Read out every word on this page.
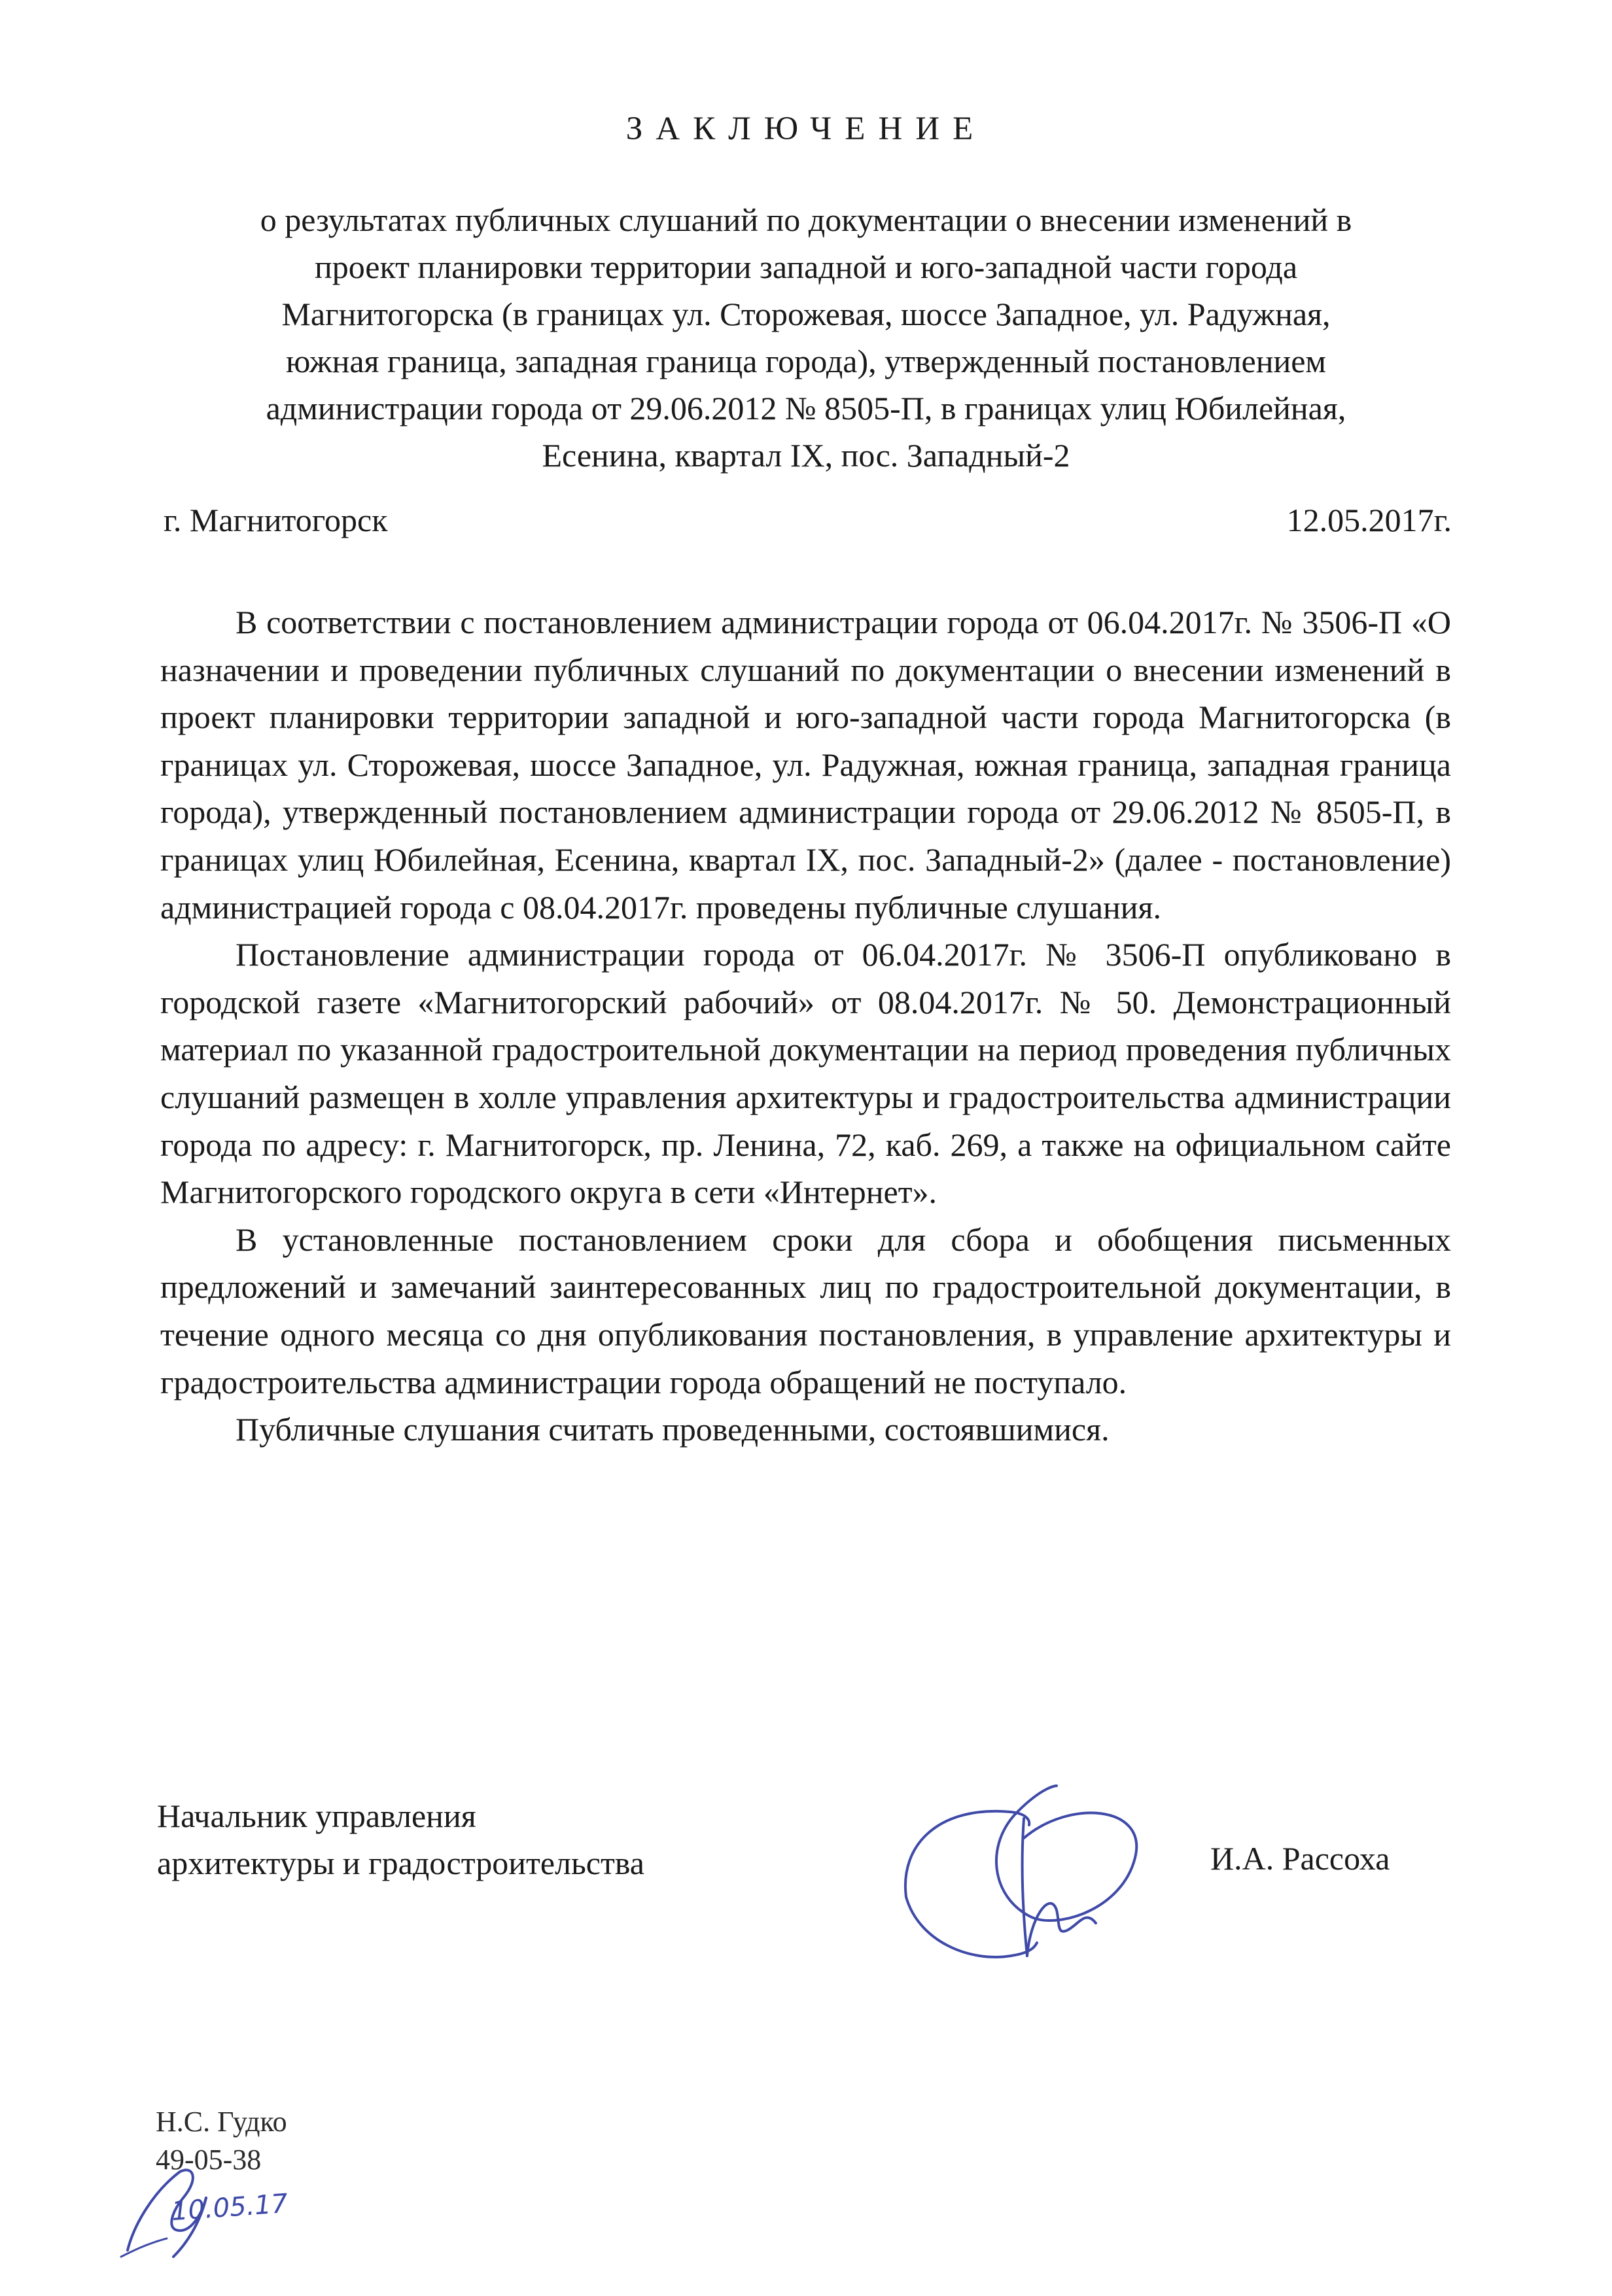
ЗАКЛЮЧЕНИЕ
о результатах публичных слушаний по документации о внесении изменений в
проект планировки территории западной и юго-западной части города
Магнитогорска (в границах ул. Сторожевая, шоссе Западное, ул. Радужная,
южная граница, западная граница города), утвержденный постановлением
администрации города от 29.06.2012 № 8505-П, в границах улиц Юбилейная,
Есенина, квартал IX, пос. Западный-2
г. Магнитогорск	12.05.2017г.

В соответствии с постановлением администрации города от 06.04.2017г. № 3506-П «О назначении и проведении публичных слушаний по документации о внесении изменений в проект планировки территории западной и юго-западной части города Магнитогорска (в границах ул. Сторожевая, шоссе Западное, ул. Радужная, южная граница, западная граница города), утвержденный постановлением администрации города от 29.06.2012 № 8505-П, в границах улиц Юбилейная, Есенина, квартал IX, пос. Западный-2» (далее - постановление) администрацией города с 08.04.2017г. проведены публичные слушания.

Постановление администрации города от 06.04.2017г. № 3506-П опубликовано в городской газете «Магнитогорский рабочий» от 08.04.2017г. № 50. Демонстрационный материал по указанной градостроительной документации на период проведения публичных слушаний размещен в холле управления архитектуры и градостроительства администрации города по адресу: г. Магнитогорск, пр. Ленина, 72, каб. 269, а также на официальном сайте Магнитогорского городского округа в сети «Интернет».

В установленные постановлением сроки для сбора и обобщения письменных предложений и замечаний заинтересованных лиц по градостроительной документации, в течение одного месяца со дня опубликования постановления, в управление архитектуры и градостроительства администрации города обращений не поступало.

Публичные слушания считать проведенными, состоявшимися.

Начальник управления
архитектуры и градостроительства	И.А. Рассоха
Н.С. Гудко
49-05-38
10.05.17
